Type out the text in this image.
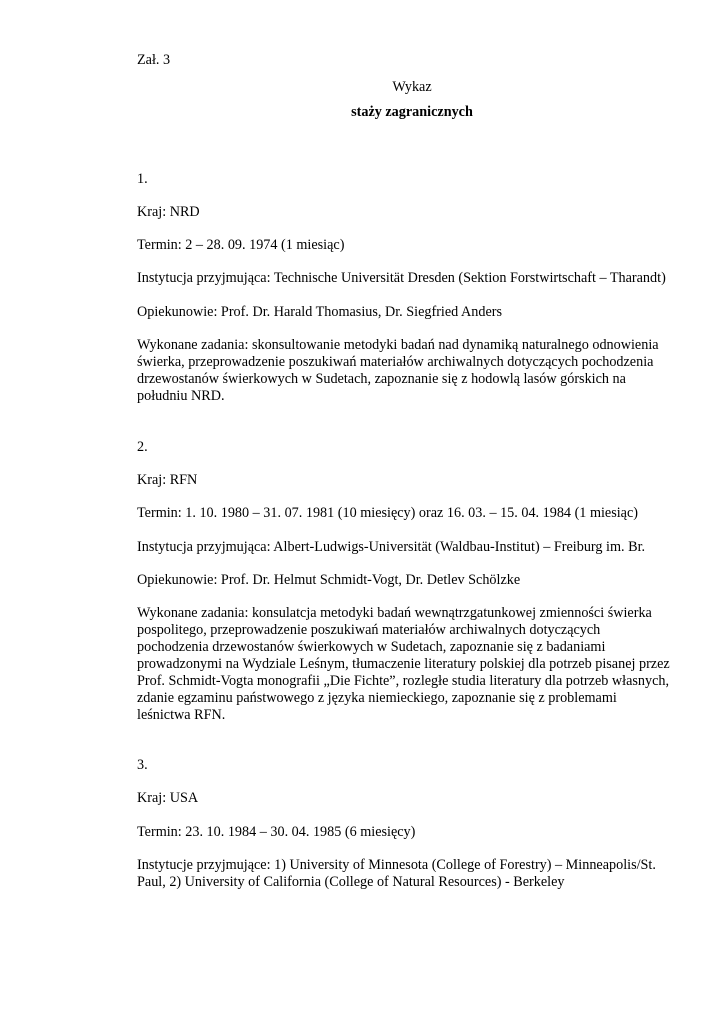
Zał. 3
Wykaz
staży zagranicznych
1.
Kraj: NRD
Termin: 2 – 28. 09. 1974 (1 miesiąc)
Instytucja przyjmująca: Technische Universität Dresden (Sektion Forstwirtschaft – Tharandt)
Opiekunowie: Prof. Dr. Harald Thomasius, Dr. Siegfried Anders
Wykonane zadania: skonsultowanie metodyki badań nad dynamiką naturalnego odnowienia
świerka, przeprowadzenie poszukiwań materiałów archiwalnych dotyczących pochodzenia
drzewostanów świerkowych w Sudetach, zapoznanie się z hodowlą lasów górskich na
południu NRD.
2.
Kraj: RFN
Termin: 1. 10. 1980 – 31. 07. 1981 (10 miesięcy) oraz 16. 03. – 15. 04. 1984 (1 miesiąc)
Instytucja przyjmująca: Albert-Ludwigs-Universität (Waldbau-Institut) – Freiburg im. Br.
Opiekunowie: Prof. Dr. Helmut Schmidt-Vogt, Dr. Detlev Schölzke
Wykonane zadania: konsulatcja metodyki badań wewnątrzgatunkowej zmienności świerka
pospolitego, przeprowadzenie poszukiwań materiałów archiwalnych dotyczących
pochodzenia drzewostanów świerkowych w Sudetach, zapoznanie się z badaniami
prowadzonymi na Wydziale Leśnym, tłumaczenie literatury polskiej dla potrzeb pisanej przez
Prof. Schmidt-Vogta monografii „Die Fichte”, rozległe studia literatury dla potrzeb własnych,
zdanie egzaminu państwowego z języka niemieckiego, zapoznanie się z problemami
leśnictwa RFN.
3.
Kraj: USA
Termin: 23. 10. 1984 – 30. 04. 1985 (6 miesięcy)
Instytucje przyjmujące: 1) University of Minnesota (College of Forestry) – Minneapolis/St.
Paul, 2) University of California (College of Natural Resources) - Berkeley
